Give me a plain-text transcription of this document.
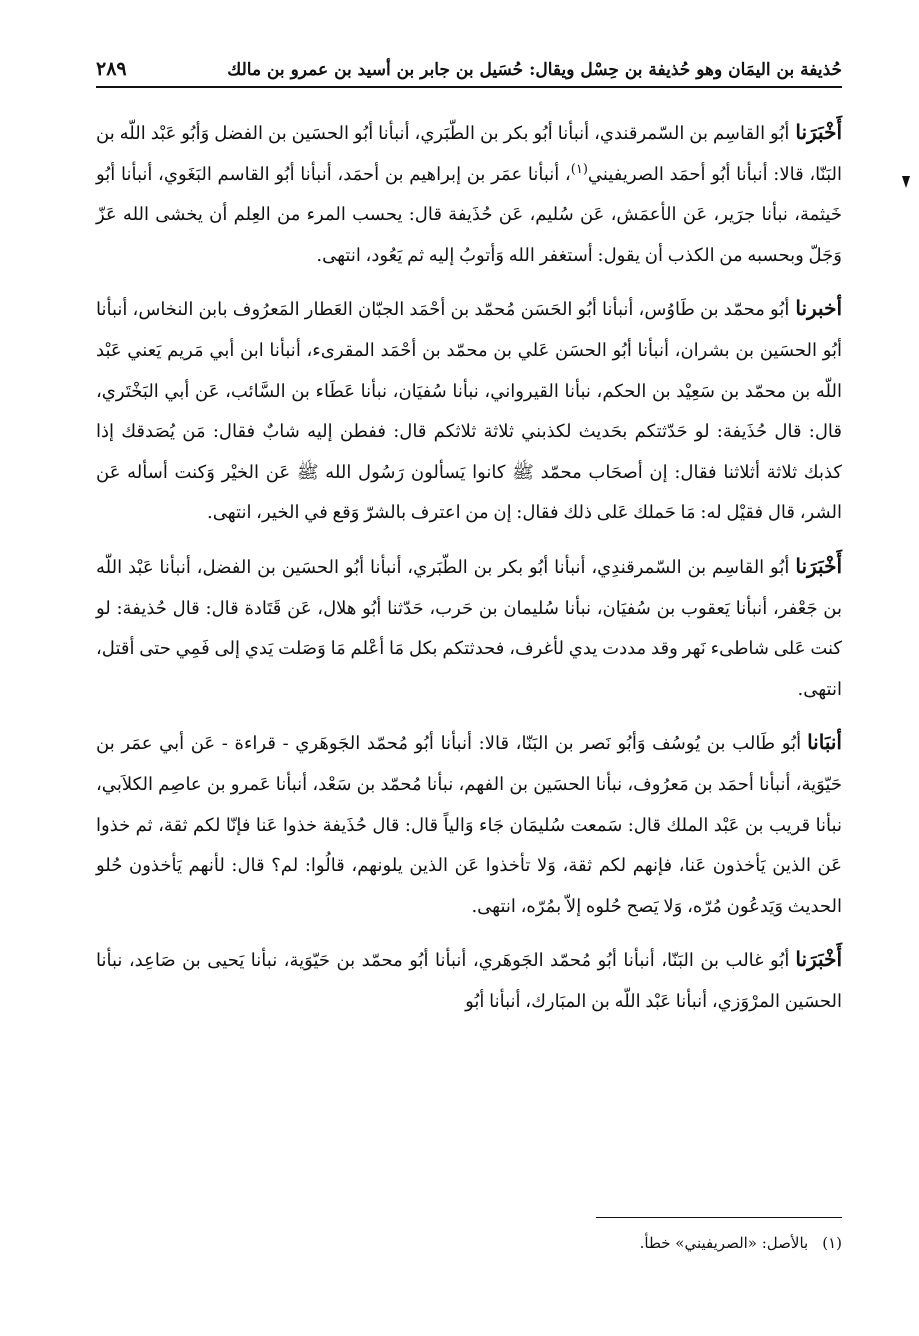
حُذيفة بن اليمَان وهو حُذيفة بن حِسْل ويقال: حُسَيل بن جابر بن أسيد بن عمرو بن مالك
٢٨٩

أَخْبَرَناأبُو القاسِم بن السّمرقندي، أنبأنا أبُو بكر بن الطّبَري، أنبأنا أبُو الحسَين بن الفضل وَأبُو عَبْد اللّه بن البَنّا، قالا: أنبأنا أبُو أحمَد الصريفيني$^{(١)}$، أنبأنا عمَر بن إبراهيم بن أحمَد، أنبأنا أبُو القاسم البَغَوي، أنبأنا أبُو خَيثمة، نبأنا جرَير، عَن الأعمَش، عَن سُليم، عَن حُذَيفة قال: يحسب المرء من العِلم أن يخشى الله عَزّ وَجَلّ وبحسبه من الكذب أن يقول: أستغفر الله وَأتوبُ إليه ثم يَعُود، انتهى.

أخبرناأبُو محمّد بن طَاوُس، أنبأنا أبُو الحَسَن مُحمّد بن أحْمَد الجبّان العَطار المَعرُوف بابن النخاس، أنبأنا أبُو الحسَين بن بشران، أنبأنا أبُو الحسَن عَلي بن محمّد بن أحْمَد المقرىء، أنبأنا ابن أبي مَريم يَعني عَبْد اللّه بن محمّد بن سَعِيْد بن الحكم، نبأنا القيرواني، نبأنا سُفيَان، نبأنا عَطَاء بن السَّائب، عَن أبي البَخْتَري، قال: قال حُذَيفة: لو حَدّثتكم بحَديث لكذبني ثلاثة ثلاثكم قال: ففطن إليه شابٌ فقال: مَن يُصَدقك إذا كذبك ثلاثة أثلاثنا فقال: إن أصحَاب محمّد ﷺ كانوا يَسألون رَسُول الله ﷺ عَن الخيْر وَكنت أسأله عَن الشر، قال فقيْل له: مَا حَملك عَلى ذلك فقال: إن من اعترف بالشرّ وَقع في الخير، انتهى.

أَخْبَرَناأبُو القاسِم بن السّمرقندِي، أنبأنا أبُو بكر بن الطّبَري، أنبأنا أبُو الحسَين بن الفضل، أنبأنا عَبْد اللّه بن جَعْفر، أنبأنا يَعقوب بن سُفيَان، نبأنا سُليمان بن حَرب، حَدّثنا أبُو هلال، عَن قَتَادة قال: قال حُذيفة: لو كنت عَلى شاطىء نَهر وقد مددت يدي لأغرف، فحدثتكم بكل مَا أعْلم مَا وَصَلت يَدي إلى فَمِي حتى أقتل، انتهى.

أنبَاناأبُو طَالب بن يُوسُف وَأبُو نَصر بن البَنّا، قالا: أنبأنا أبُو مُحمّد الجَوهَري - قراءة - عَن أبي عمَر بن حَيّوَية، أنبأنا أحمَد بن مَعرُوف، نبأنا الحسَين بن الفهم، نبأنا مُحمّد بن سَعْد، أنبأنا عَمرو بن عاصِم الكلاَبي، نبأنا قريب بن عَبْد الملك قال: سَمعت سُليمَان جَاء وَالياً قال: قال حُذَيفة خذوا عَنا فإنّا لكم ثقة، ثم خذوا عَن الذين يَأخذون عَنا، فإنهم لكم ثقة، وَلا تأخذوا عَن الذين يلونهم، قالُوا: لم؟ قال: لأنهم يَأخذون حُلو الحديث وَيَدعُون مُرّه، وَلا يَصح حُلوه إلاّ بمُرّه، انتهى.

أَخْبَرَناأبُو غالب بن البَنّا، أنبأنا أبُو مُحمّد الجَوهَري، أنبأنا أبُو محمّد بن حَيّوَية، نبأنا يَحيى بن صَاعِد، نبأنا الحسَين المرْوَزي، أنبأنا عَبْد اللّه بن المبَارك، أنبأنا أبُو

(١)بالأصل: «الصريفيني» خطأ.
